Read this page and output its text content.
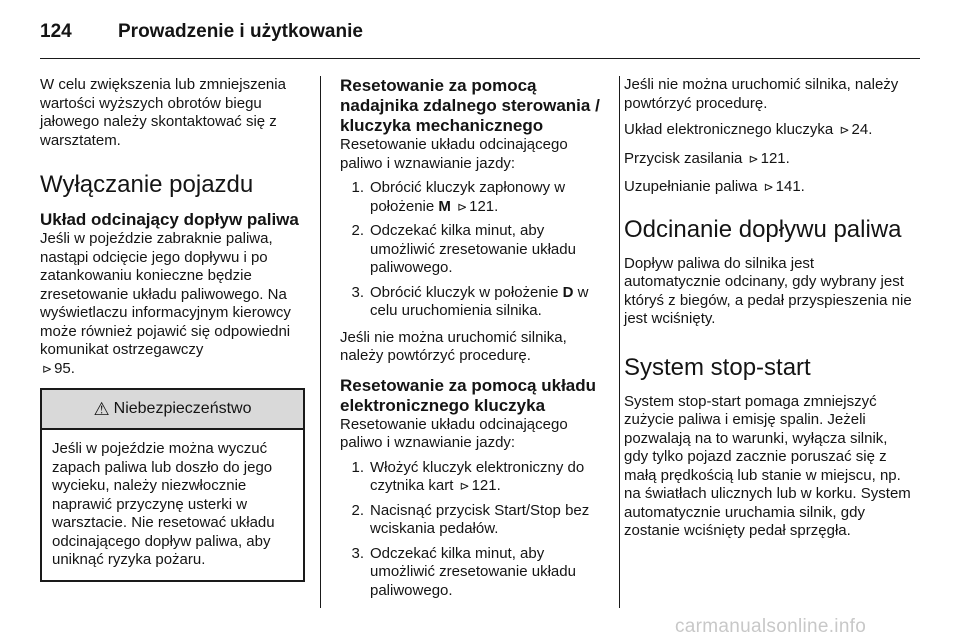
124	Prowadzenie i użytkowanie

W celu zwiększenia lub zmniejszenia wartości wyższych obrotów biegu jałowego należy skontaktować się z warsztatem.

Wyłączanie pojazdu
Układ odcinający dopływ paliwa

Jeśli w pojeździe zabraknie paliwa, nastąpi odcięcie jego dopływu i po zatankowaniu konieczne będzie zresetowanie układu paliwowego. Na wyświetlaczu informacyjnym kierowcy może również pojawić się odpowiedni komunikat ostrzegawczy
⊳ 95.

⚠ Niebezpieczeństwo
Jeśli w pojeździe można wyczuć zapach paliwa lub doszło do jego wycieku, należy niezwłocznie naprawić przyczynę usterki w warsztacie. Nie resetować układu odcinającego dopływ paliwa, aby uniknąć ryzyka pożaru.
Resetowanie za pomocą nadajnika zdalnego sterowania / kluczyka mechanicznego

Resetowanie układu odcinającego paliwo i wznawianie jazdy:

1. Obrócić kluczyk zapłonowy w położenie M ⊳ 121.
2. Odczekać kilka minut, aby umożliwić zresetowanie układu paliwowego.
3. Obrócić kluczyk w położenie D w celu uruchomienia silnika.

Jeśli nie można uruchomić silnika, należy powtórzyć procedurę.

Resetowanie za pomocą układu elektronicznego kluczyka

Resetowanie układu odcinającego paliwo i wznawianie jazdy:

1. Włożyć kluczyk elektroniczny do czytnika kart ⊳ 121.
2. Nacisnąć przycisk Start/Stop bez wciskania pedałów.
3. Odczekać kilka minut, aby umożliwić zresetowanie układu paliwowego.

Jeśli nie można uruchomić silnika, należy powtórzyć procedurę.

Układ elektronicznego kluczyka ⊳ 24.

Przycisk zasilania ⊳ 121.

Uzupełnianie paliwa ⊳ 141.

Odcinanie dopływu paliwa

Dopływ paliwa do silnika jest automatycznie odcinany, gdy wybrany jest któryś z biegów, a pedał przyspieszenia nie jest wciśnięty.

System stop-start

System stop-start pomaga zmniejszyć zużycie paliwa i emisję spalin. Jeżeli pozwalają na to warunki, wyłącza silnik, gdy tylko pojazd zacznie poruszać się z małą prędkością lub stanie w miejscu, np. na światłach ulicznych lub w korku. System automatycznie uruchamia silnik, gdy zostanie wciśnięty pedał sprzęgła.

carmanualsonline.info
